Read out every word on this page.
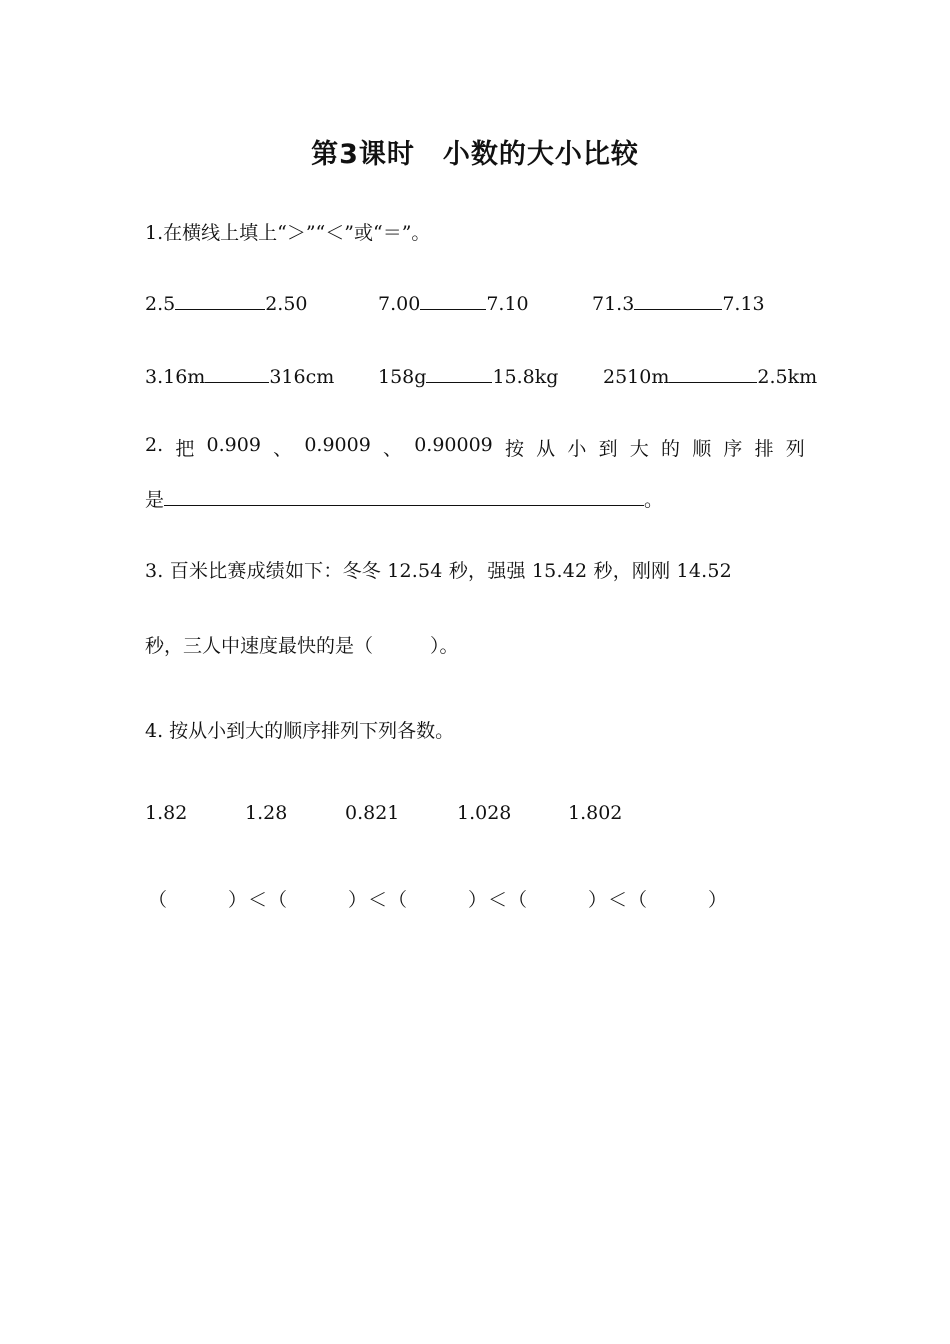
第3课时　小数的大小比较
1.在横线上填上“＞”“＜”或“＝”。
2.5	2.50	7.00	7.10	71.3	7.13
3.16m	316cm 158g	15.8kg 2510m	2.5km
2. 把 0.909 、 0.9009 、 0.90009 按 从 小 到 大 的 顺 序 排 列
是	。
3. 百米比赛成绩如下：冬冬 12.54 秒，强强 15.42 秒，刚刚 14.52
秒，三人中速度最快的是（　　　）。
4. 按从小到大的顺序排列下列各数。
1.82	1.28	0.821	1.028	1.802
（　　　）＜（　　　）＜（　　　）＜（　　　）＜（　　　）
